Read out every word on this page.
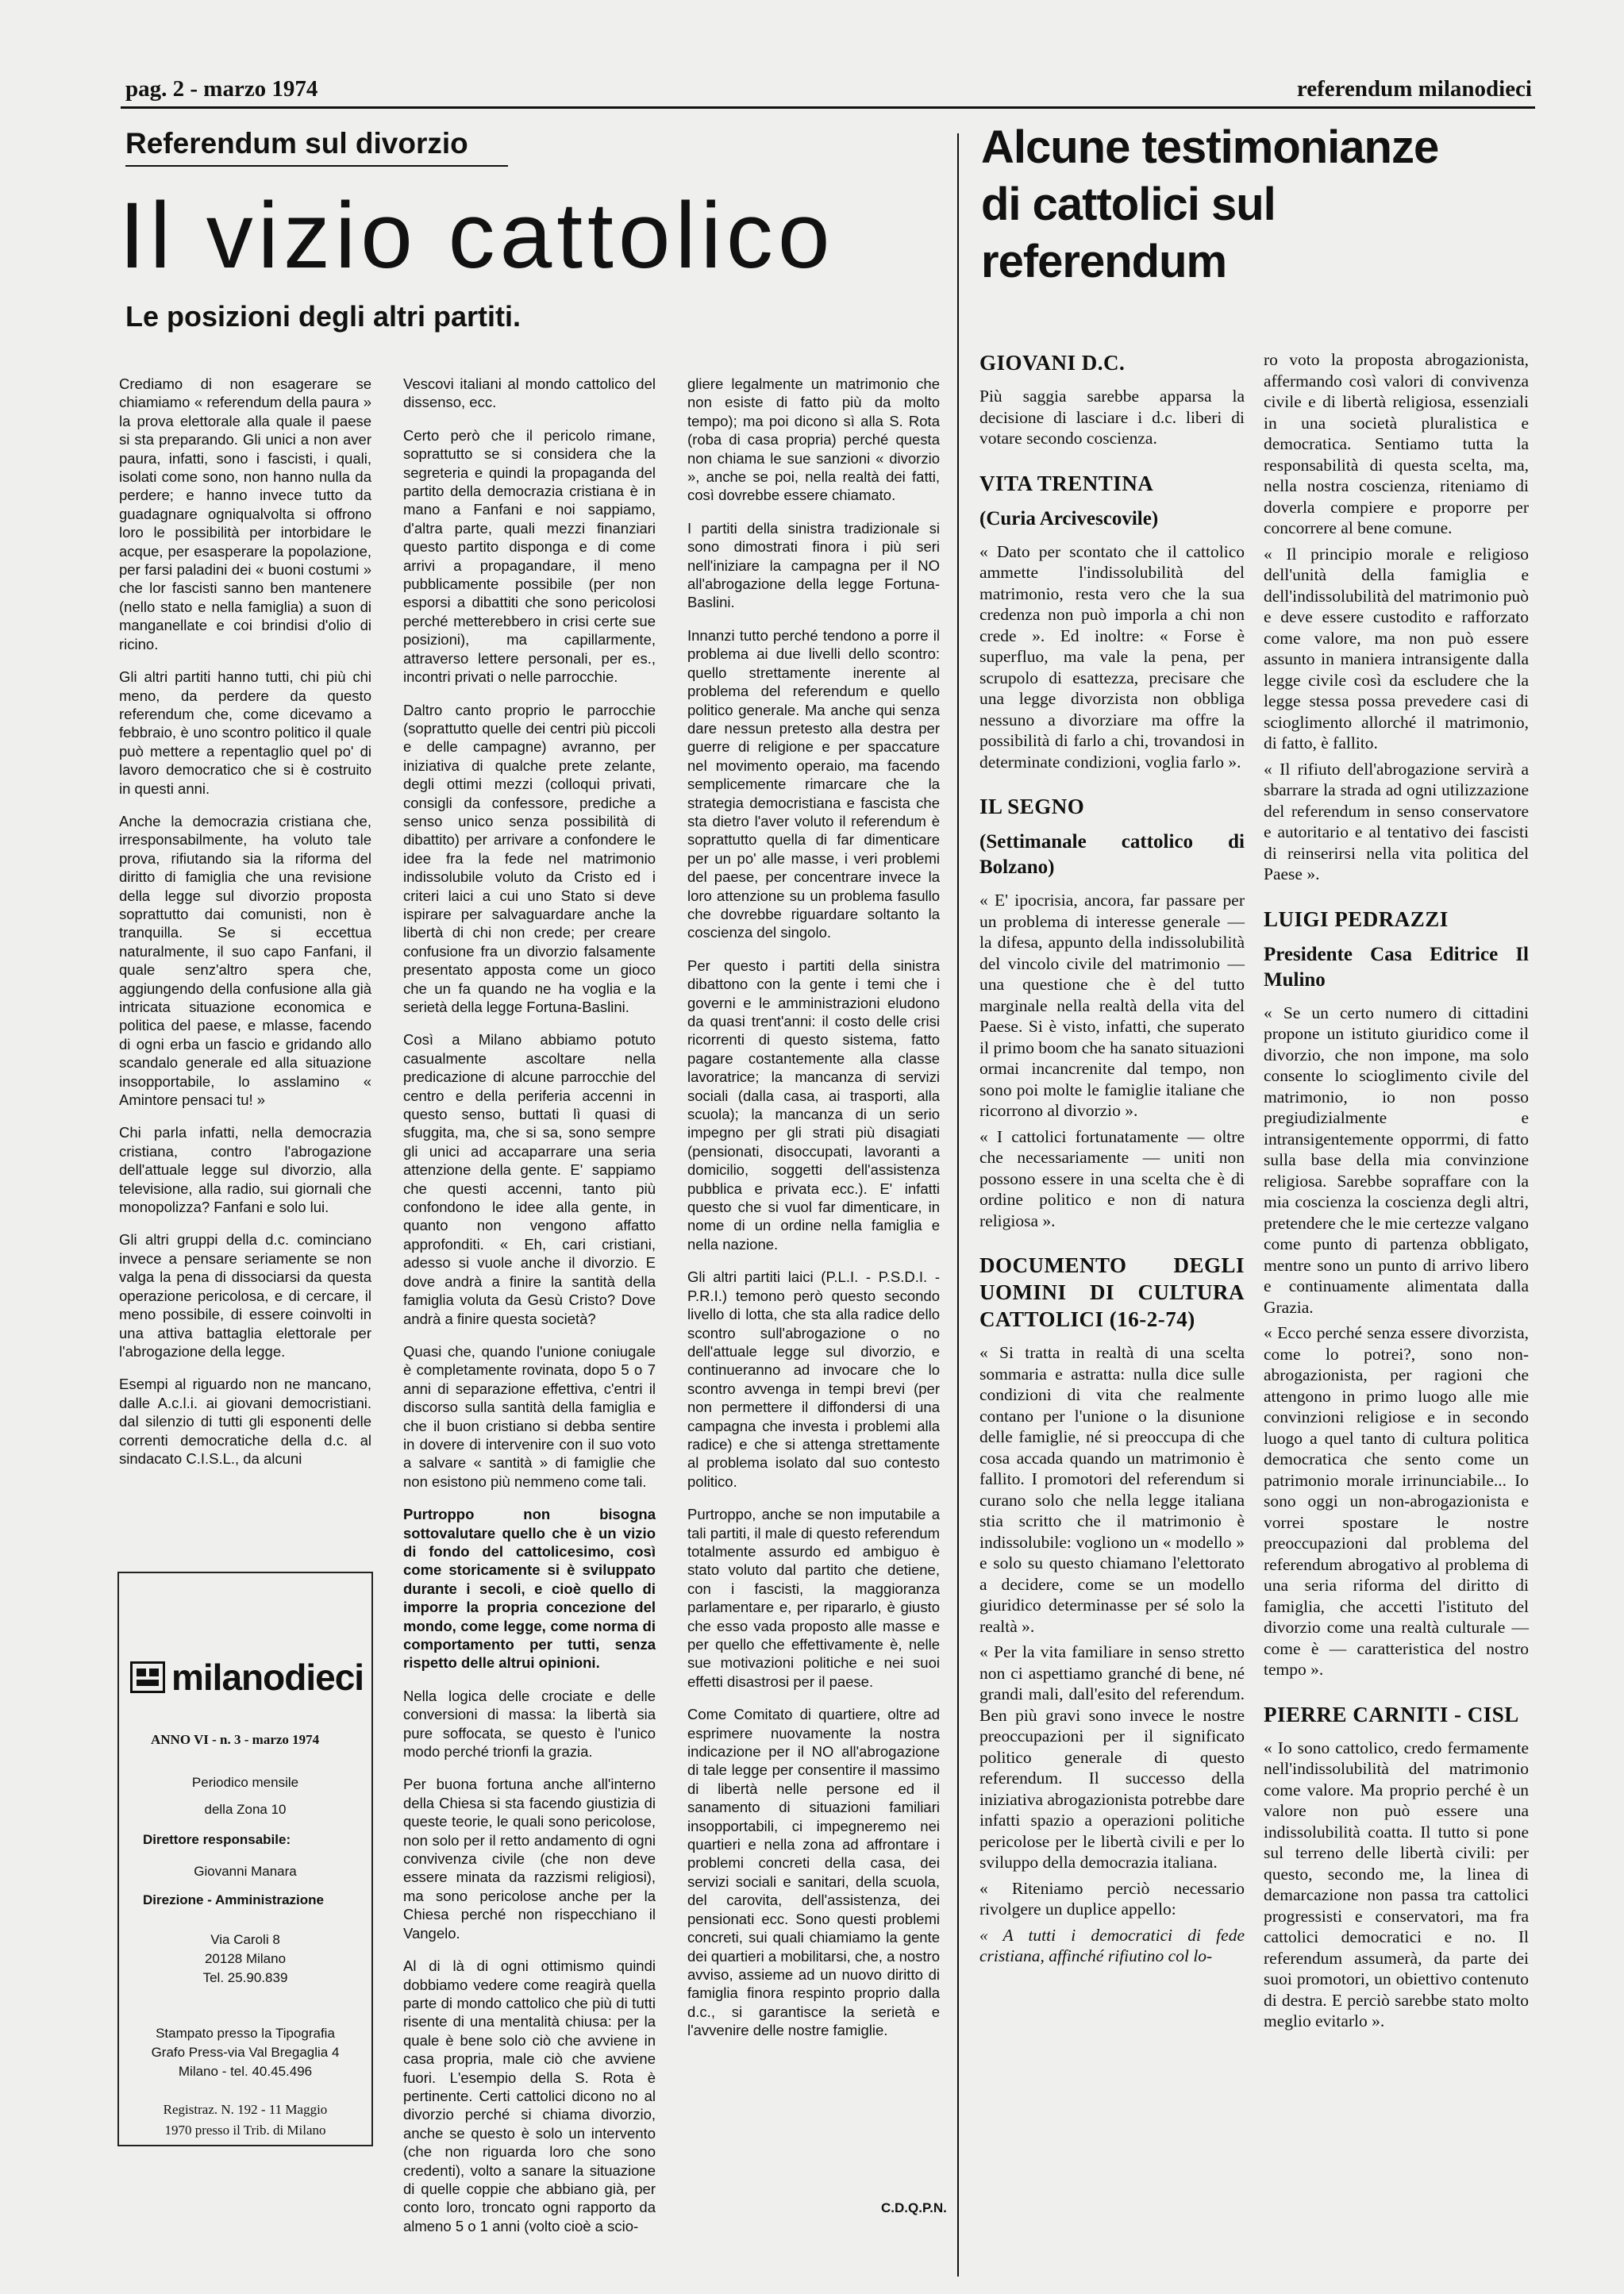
pag. 2 - marzo 1974	referendum milanodieci
Referendum sul divorzio
Il vizio cattolico
Le posizioni degli altri partiti.

Crediamo di non esagerare se chiamiamo « referendum della paura » la prova elettorale alla quale il paese si sta preparando. Gli unici a non aver paura, infatti, sono i fascisti, i quali, isolati come sono, non hanno nulla da perdere; e hanno invece tutto da guadagnare ogniqualvolta si offrono loro le possibilità per intorbidare le acque, per esasperare la popolazione, per farsi paladini dei « buoni costumi » che lor fascisti sanno ben mantenere (nello stato e nella famiglia) a suon di manganellate e coi brindisi d'olio di ricino.

Gli altri partiti hanno tutti, chi più chi meno, da perdere da questo referendum che, come dicevamo a febbraio, è uno scontro politico il quale può mettere a repentaglio quel po' di lavoro democratico che si è costruito in questi anni.

Anche la democrazia cristiana che, irresponsabilmente, ha voluto tale prova, rifiutando sia la riforma del diritto di famiglia che una revisione della legge sul divorzio proposta soprattutto dai comunisti, non è tranquilla. Se si eccettua naturalmente, il suo capo Fanfani, il quale senz'altro spera che, aggiungendo della confusione alla già intricata situazione economica e politica del paese, e mlasse, facendo di ogni erba un fascio e gridando allo scandalo generale ed alla situazione insopportabile, lo asslamino « Amintore pensaci tu! »

Chi parla infatti, nella democrazia cristiana, contro l'abrogazione dell'attuale legge sul divorzio, alla televisione, alla radio, sui giornali che monopolizza? Fanfani e solo lui.

Gli altri gruppi della d.c. cominciano invece a pensare seriamente se non valga la pena di dissociarsi da questa operazione pericolosa, e di cercare, il meno possibile, di essere coinvolti in una attiva battaglia elettorale per l'abrogazione della legge.

Esempi al riguardo non ne mancano, dalle A.c.l.i. ai giovani democristiani. dal silenzio di tutti gli esponenti delle correnti democratiche della d.c. al sindacato C.I.S.L., da alcuni

Vescovi italiani al mondo cattolico del dissenso, ecc.

Certo però che il pericolo rimane, soprattutto se si considera che la segreteria e quindi la propaganda del partito della democrazia cristiana è in mano a Fanfani e noi sappiamo, d'altra parte, quali mezzi finanziari questo partito disponga e di come arrivi a propagandare, il meno pubblicamente possibile (per non esporsi a dibattiti che sono pericolosi perché metterebbero in crisi certe sue posizioni), ma capillarmente, attraverso lettere personali, per es., incontri privati o nelle parrocchie.

Daltro canto proprio le parrocchie (soprattutto quelle dei centri più piccoli e delle campagne) avranno, per iniziativa di qualche prete zelante, degli ottimi mezzi (colloqui privati, consigli da confessore, prediche a senso unico senza possibilità di dibattito) per arrivare a confondere le idee fra la fede nel matrimonio indissolubile voluto da Cristo ed i criteri laici a cui uno Stato si deve ispirare per salvaguardare anche la libertà di chi non crede; per creare confusione fra un divorzio falsamente presentato apposta come un gioco che un fa quando ne ha voglia e la serietà della legge Fortuna-Baslini.

Così a Milano abbiamo potuto casualmente ascoltare nella predicazione di alcune parrocchie del centro e della periferia accenni in questo senso, buttati lì quasi di sfuggita, ma, che si sa, sono sempre gli unici ad accaparrare una seria attenzione della gente. E' sappiamo che questi accenni, tanto più confondono le idee alla gente, in quanto non vengono affatto approfonditi. « Eh, cari cristiani, adesso si vuole anche il divorzio. E dove andrà a finire la santità della famiglia voluta da Gesù Cristo? Dove andrà a finire questa società?

Quasi che, quando l'unione coniugale è completamente rovinata, dopo 5 o 7 anni di separazione effettiva, c'entri il discorso sulla santità della famiglia e che il buon cristiano si debba sentire in dovere di intervenire con il suo voto a salvare « santità » di famiglie che non esistono più nemmeno come tali.

Purtroppo non bisogna sottovalutare quello che è un vizio di fondo del cattolicesimo, così come storicamente si è sviluppato durante i secoli, e cioè quello di imporre la propria concezione del mondo, come legge, come norma di comportamento per tutti, senza rispetto delle altrui opinioni.

Nella logica delle crociate e delle conversioni di massa: la libertà sia pure soffocata, se questo è l'unico modo perché trionfi la grazia.

Per buona fortuna anche all'interno della Chiesa si sta facendo giustizia di queste teorie, le quali sono pericolose, non solo per il retto andamento di ogni convivenza civile (che non deve essere minata da razzismi religiosi), ma sono pericolose anche per la Chiesa perché non rispecchiano il Vangelo.

Al di là di ogni ottimismo quindi dobbiamo vedere come reagirà quella parte di mondo cattolico che più di tutti risente di una mentalità chiusa: per la quale è bene solo ciò che avviene in casa propria, male ciò che avviene fuori. L'esempio della S. Rota è pertinente. Certi cattolici dicono no al divorzio perché si chiama divorzio, anche se questo è solo un intervento (che non riguarda loro che sono credenti), volto a sanare la situazione di quelle coppie che abbiano già, per conto loro, troncato ogni rapporto da almeno 5 o 1 anni (volto cioè a scio-

gliere legalmente un matrimonio che non esiste di fatto più da molto tempo); ma poi dicono sì alla S. Rota (roba di casa propria) perché questa non chiama le sue sanzioni « divorzio », anche se poi, nella realtà dei fatti, così dovrebbe essere chiamato.

I partiti della sinistra tradizionale si sono dimostrati finora i più seri nell'iniziare la campagna per il NO all'abrogazione della legge Fortuna-Baslini.

Innanzi tutto perché tendono a porre il problema ai due livelli dello scontro: quello strettamente inerente al problema del referendum e quello politico generale. Ma anche qui senza dare nessun pretesto alla destra per guerre di religione e per spaccature nel movimento operaio, ma facendo semplicemente rimarcare che la strategia democristiana e fascista che sta dietro l'aver voluto il referendum è soprattutto quella di far dimenticare per un po' alle masse, i veri problemi del paese, per concentrare invece la loro attenzione su un problema fasullo che dovrebbe riguardare soltanto la coscienza del singolo.

Per questo i partiti della sinistra dibattono con la gente i temi che i governi e le amministrazioni eludono da quasi trent'anni: il costo delle crisi ricorrenti di questo sistema, fatto pagare costantemente alla classe lavoratrice; la mancanza di servizi sociali (dalla casa, ai trasporti, alla scuola); la mancanza di un serio impegno per gli strati più disagiati (pensionati, disoccupati, lavoranti a domicilio, soggetti dell'assistenza pubblica e privata ecc.). E' infatti questo che si vuol far dimenticare, in nome di un ordine nella famiglia e nella nazione.

Gli altri partiti laici (P.L.I. - P.S.D.I. - P.R.I.) temono però questo secondo livello di lotta, che sta alla radice dello scontro sull'abrogazione o no dell'attuale legge sul divorzio, e continueranno ad invocare che lo scontro avvenga in tempi brevi (per non permettere il diffondersi di una campagna che investa i problemi alla radice) e che si attenga strettamente al problema isolato dal suo contesto politico.

Purtroppo, anche se non imputabile a tali partiti, il male di questo referendum totalmente assurdo ed ambiguo è stato voluto dal partito che detiene, con i fascisti, la maggioranza parlamentare e, per ripararlo, è giusto che esso vada proposto alle masse e per quello che effettivamente è, nelle sue motivazioni politiche e nei suoi effetti disastrosi per il paese.

Come Comitato di quartiere, oltre ad esprimere nuovamente la nostra indicazione per il NO all'abrogazione di tale legge per consentire il massimo di libertà nelle persone ed il sanamento di situazioni familiari insopportabili, ci impegneremo nei quartieri e nella zona ad affrontare i problemi concreti della casa, dei servizi sociali e sanitari, della scuola, del carovita, dell'assistenza, dei pensionati ecc. Sono questi problemi concreti, sui quali chiamiamo la gente dei quartieri a mobilitarsi, che, a nostro avviso, assieme ad un nuovo diritto di famiglia finora respinto proprio dalla d.c., si garantisce la serietà e l'avvenire delle nostre famiglie.

C.D.Q.P.N.
milanodieci
ANNO VI - n. 3 - marzo 1974
Periodico mensile
della Zona 10
Direttore responsabile:
Giovanni Manara
Direzione - Amministrazione
Via Caroli 8
20128 Milano
Tel. 25.90.839
Stampato presso la Tipografia
Grafo Press-via Val Bregaglia 4
Milano - tel. 40.45.496
Registraz. N. 192 - 11 Maggio
1970 presso il Trib. di Milano
Alcune testimonianze
di cattolici sul
referendum
GIOVANI D.C.

Più saggia sarebbe apparsa la decisione di lasciare i d.c. liberi di votare secondo coscienza.

VITA TRENTINA
(Curia Arcivescovile)

« Dato per scontato che il cattolico ammette l'indissolubilità del matrimonio, resta vero che la sua credenza non può imporla a chi non crede ». Ed inoltre: « Forse è superfluo, ma vale la pena, per scrupolo di esattezza, precisare che una legge divorzista non obbliga nessuno a divorziare ma offre la possibilità di farlo a chi, trovandosi in determinate condizioni, voglia farlo ».

IL SEGNO
(Settimanale cattolico di Bolzano)

« E' ipocrisia, ancora, far passare per un problema di interesse generale — la difesa, appunto della indissolubilità del vincolo civile del matrimonio — una questione che è del tutto marginale nella realtà della vita del Paese. Si è visto, infatti, che superato il primo boom che ha sanato situazioni ormai incancrenite dal tempo, non sono poi molte le famiglie italiane che ricorrono al divorzio ».

« I cattolici fortunatamente — oltre che necessariamente — uniti non possono essere in una scelta che è di ordine politico e non di natura religiosa ».

DOCUMENTO DEGLI UOMINI DI CULTURA CATTOLICI (16-2-74)

« Si tratta in realtà di una scelta sommaria e astratta: nulla dice sulle condizioni di vita che realmente contano per l'unione o la disunione delle famiglie, né si preoccupa di che cosa accada quando un matrimonio è fallito. I promotori del referendum si curano solo che nella legge italiana stia scritto che il matrimonio è indissolubile: vogliono un « modello » e solo su questo chiamano l'elettorato a decidere, come se un modello giuridico determinasse per sé solo la realtà ».

« Per la vita familiare in senso stretto non ci aspettiamo granché di bene, né grandi mali, dall'esito del referendum. Ben più gravi sono invece le nostre preoccupazioni per il significato politico generale di questo referendum. Il successo della iniziativa abrogazionista potrebbe dare infatti spazio a operazioni politiche pericolose per le libertà civili e per lo sviluppo della democrazia italiana.

« Riteniamo perciò necessario rivolgere un duplice appello:

« A tutti i democratici di fede cristiana, affinché rifiutino col lo-

ro voto la proposta abrogazionista, affermando così valori di convivenza civile e di libertà religiosa, essenziali in una società pluralistica e democratica. Sentiamo tutta la responsabilità di questa scelta, ma, nella nostra coscienza, riteniamo di doverla compiere e proporre per concorrere al bene comune.

« Il principio morale e religioso dell'unità della famiglia e dell'indissolubilità del matrimonio può e deve essere custodito e rafforzato come valore, ma non può essere assunto in maniera intransigente dalla legge civile così da escludere che la legge stessa possa prevedere casi di scioglimento allorché il matrimonio, di fatto, è fallito.

« Il rifiuto dell'abrogazione servirà a sbarrare la strada ad ogni utilizzazione del referendum in senso conservatore e autoritario e al tentativo dei fascisti di reinserirsi nella vita politica del Paese ».

LUIGI PEDRAZZI
Presidente Casa Editrice Il Mulino

« Se un certo numero di cittadini propone un istituto giuridico come il divorzio, che non impone, ma solo consente lo scioglimento civile del matrimonio, io non posso pregiudizialmente e intransigentemente opporrmi, di fatto sulla base della mia convinzione religiosa. Sarebbe sopraffare con la mia coscienza la coscienza degli altri, pretendere che le mie certezze valgano come punto di partenza obbligato, mentre sono un punto di arrivo libero e continuamente alimentata dalla Grazia.

« Ecco perché senza essere divorzista, come lo potrei?, sono non-abrogazionista, per ragioni che attengono in primo luogo alle mie convinzioni religiose e in secondo luogo a quel tanto di cultura politica democratica che sento come un patrimonio morale irrinunciabile... Io sono oggi un non-abrogazionista e vorrei spostare le nostre preoccupazioni dal problema del referendum abrogativo al problema di una seria riforma del diritto di famiglia, che accetti l'istituto del divorzio come una realtà culturale — come è — caratteristica del nostro tempo ».

PIERRE CARNITI - CISL

« Io sono cattolico, credo fermamente nell'indissolubilità del matrimonio come valore. Ma proprio perché è un valore non può essere una indissolubilità coatta. Il tutto si pone sul terreno delle libertà civili: per questo, secondo me, la linea di demarcazione non passa tra cattolici progressisti e conservatori, ma fra cattolici democratici e no. Il referendum assumerà, da parte dei suoi promotori, un obiettivo contenuto di destra. E perciò sarebbe stato molto meglio evitarlo ».
